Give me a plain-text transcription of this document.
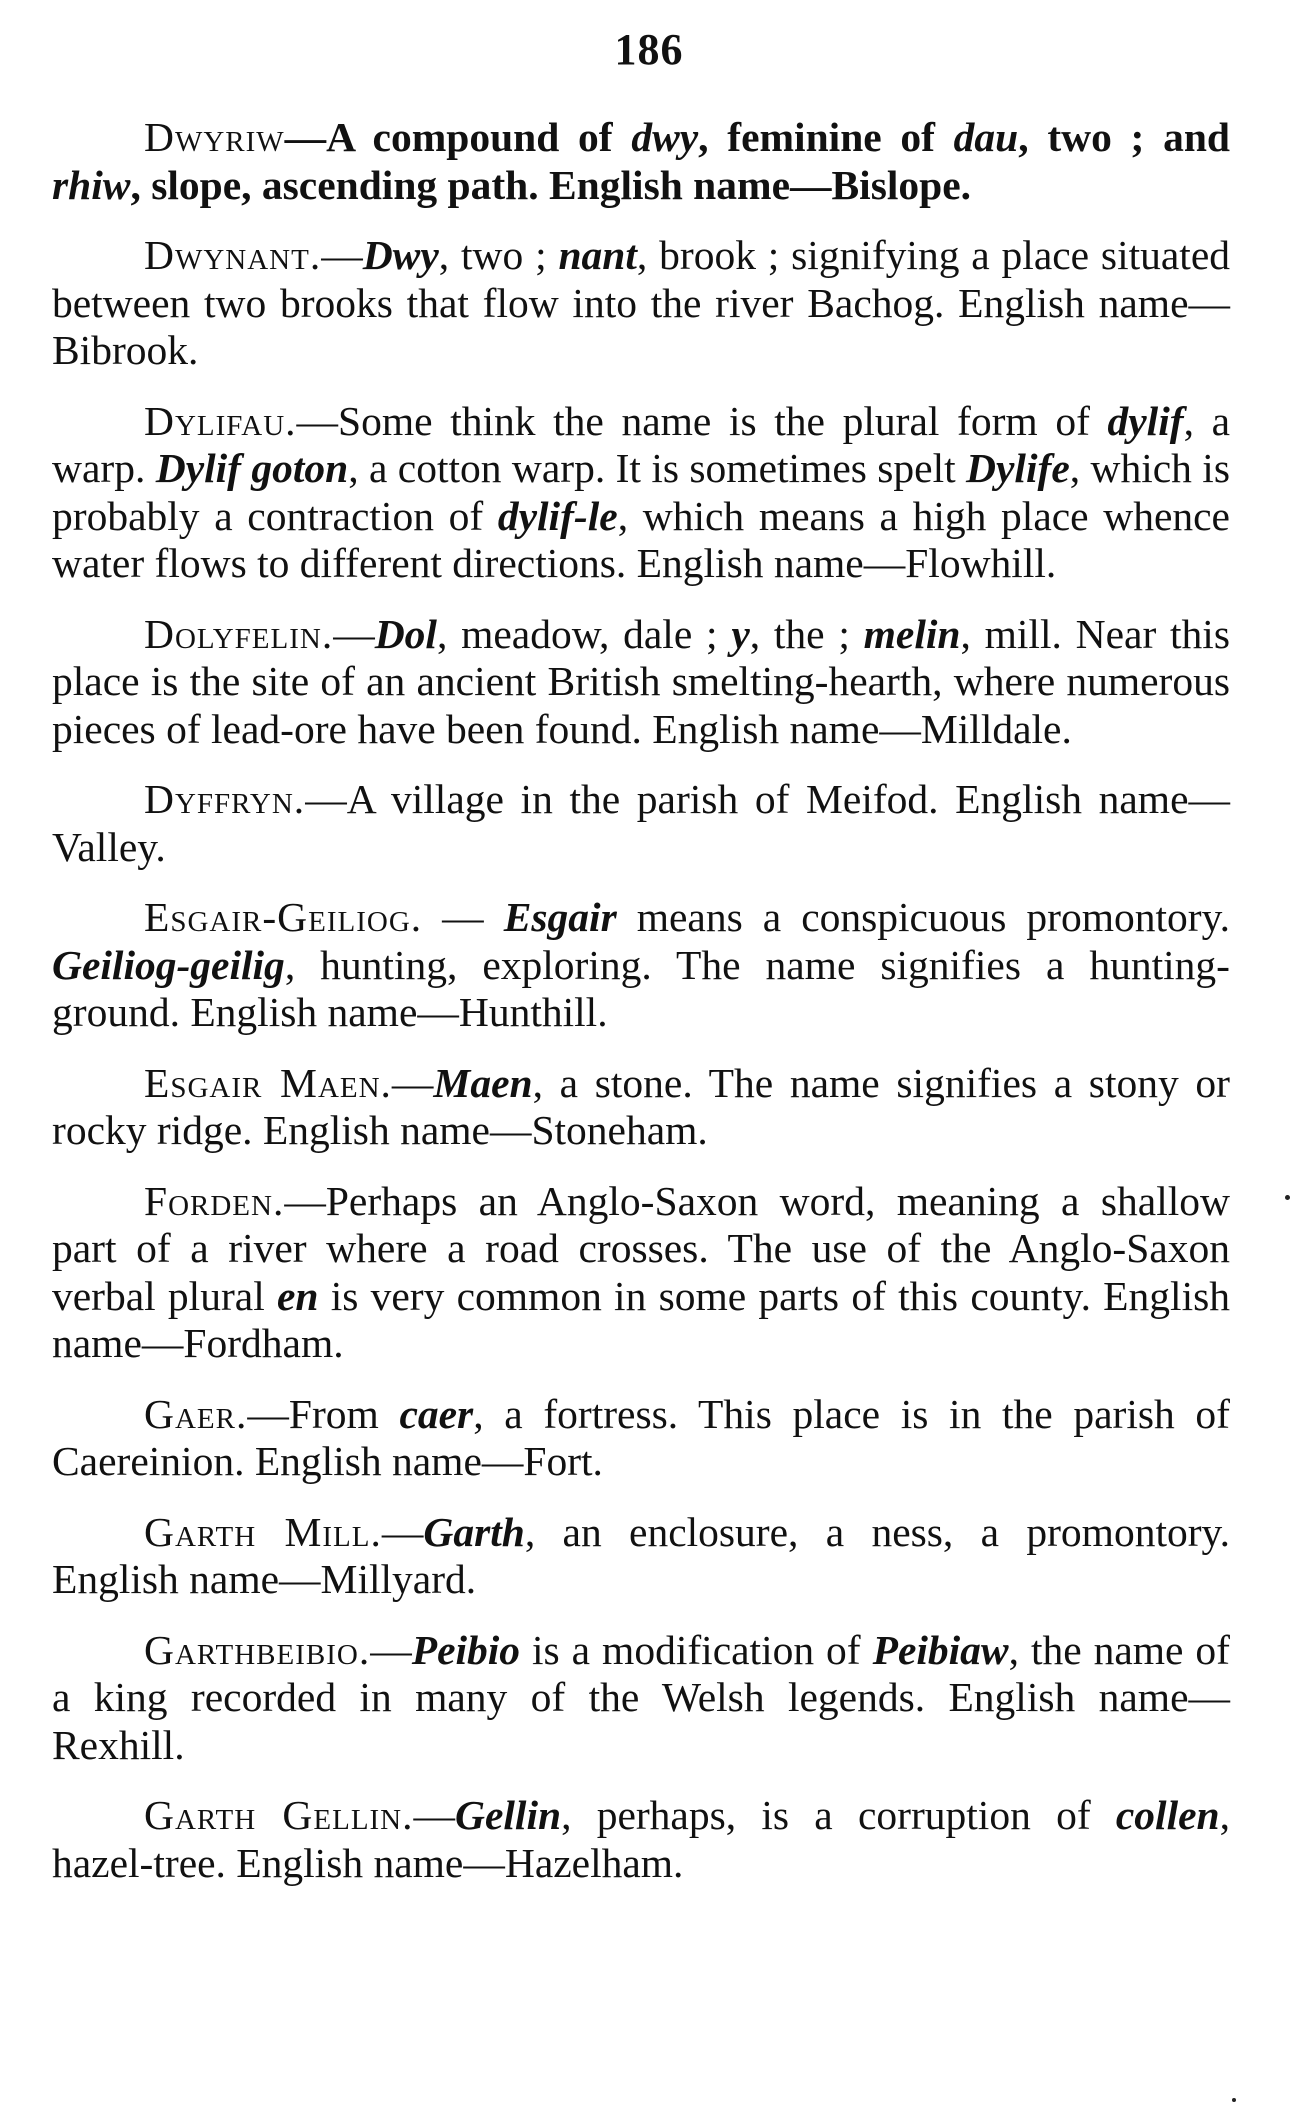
186

Dwyriw—A compound of dwy, feminine of dau, two ; and rhiw, slope, ascending path. English name—Bislope.

Dwynant.—Dwy, two ; nant, brook ; signifying a place situated between two brooks that flow into the river Bachog. English name—Bibrook.

Dylifau.—Some think the name is the plural form of dylif, a warp. Dylif goton, a cotton warp. It is sometimes spelt Dylife, which is probably a contraction of dylif-le, which means a high place whence water flows to different directions. English name—Flowhill.

Dolyfelin.—Dol, meadow, dale ; y, the ; melin, mill. Near this place is the site of an ancient British smelting-hearth, where numerous pieces of lead-ore have been found. English name—Milldale.

Dyffryn.—A village in the parish of Meifod. English name—Valley.

Esgair-Geiliog. — Esgair means a conspicuous promontory. Geiliog-geilig, hunting, exploring. The name signifies a hunting-ground. English name—Hunthill.

Esgair Maen.—Maen, a stone. The name signifies a stony or rocky ridge. English name—Stoneham.

Forden.—Perhaps an Anglo-Saxon word, meaning a shallow part of a river where a road crosses. The use of the Anglo-Saxon verbal plural en is very common in some parts of this county. English name—Fordham.

Gaer.—From caer, a fortress. This place is in the parish of Caereinion. English name—Fort.

Garth Mill.—Garth, an enclosure, a ness, a promontory. English name—Millyard.

Garthbeibio.—Peibio is a modification of Peibiaw, the name of a king recorded in many of the Welsh legends. English name—Rexhill.

Garth Gellin.—Gellin, perhaps, is a corruption of collen, hazel-tree. English name—Hazelham.
